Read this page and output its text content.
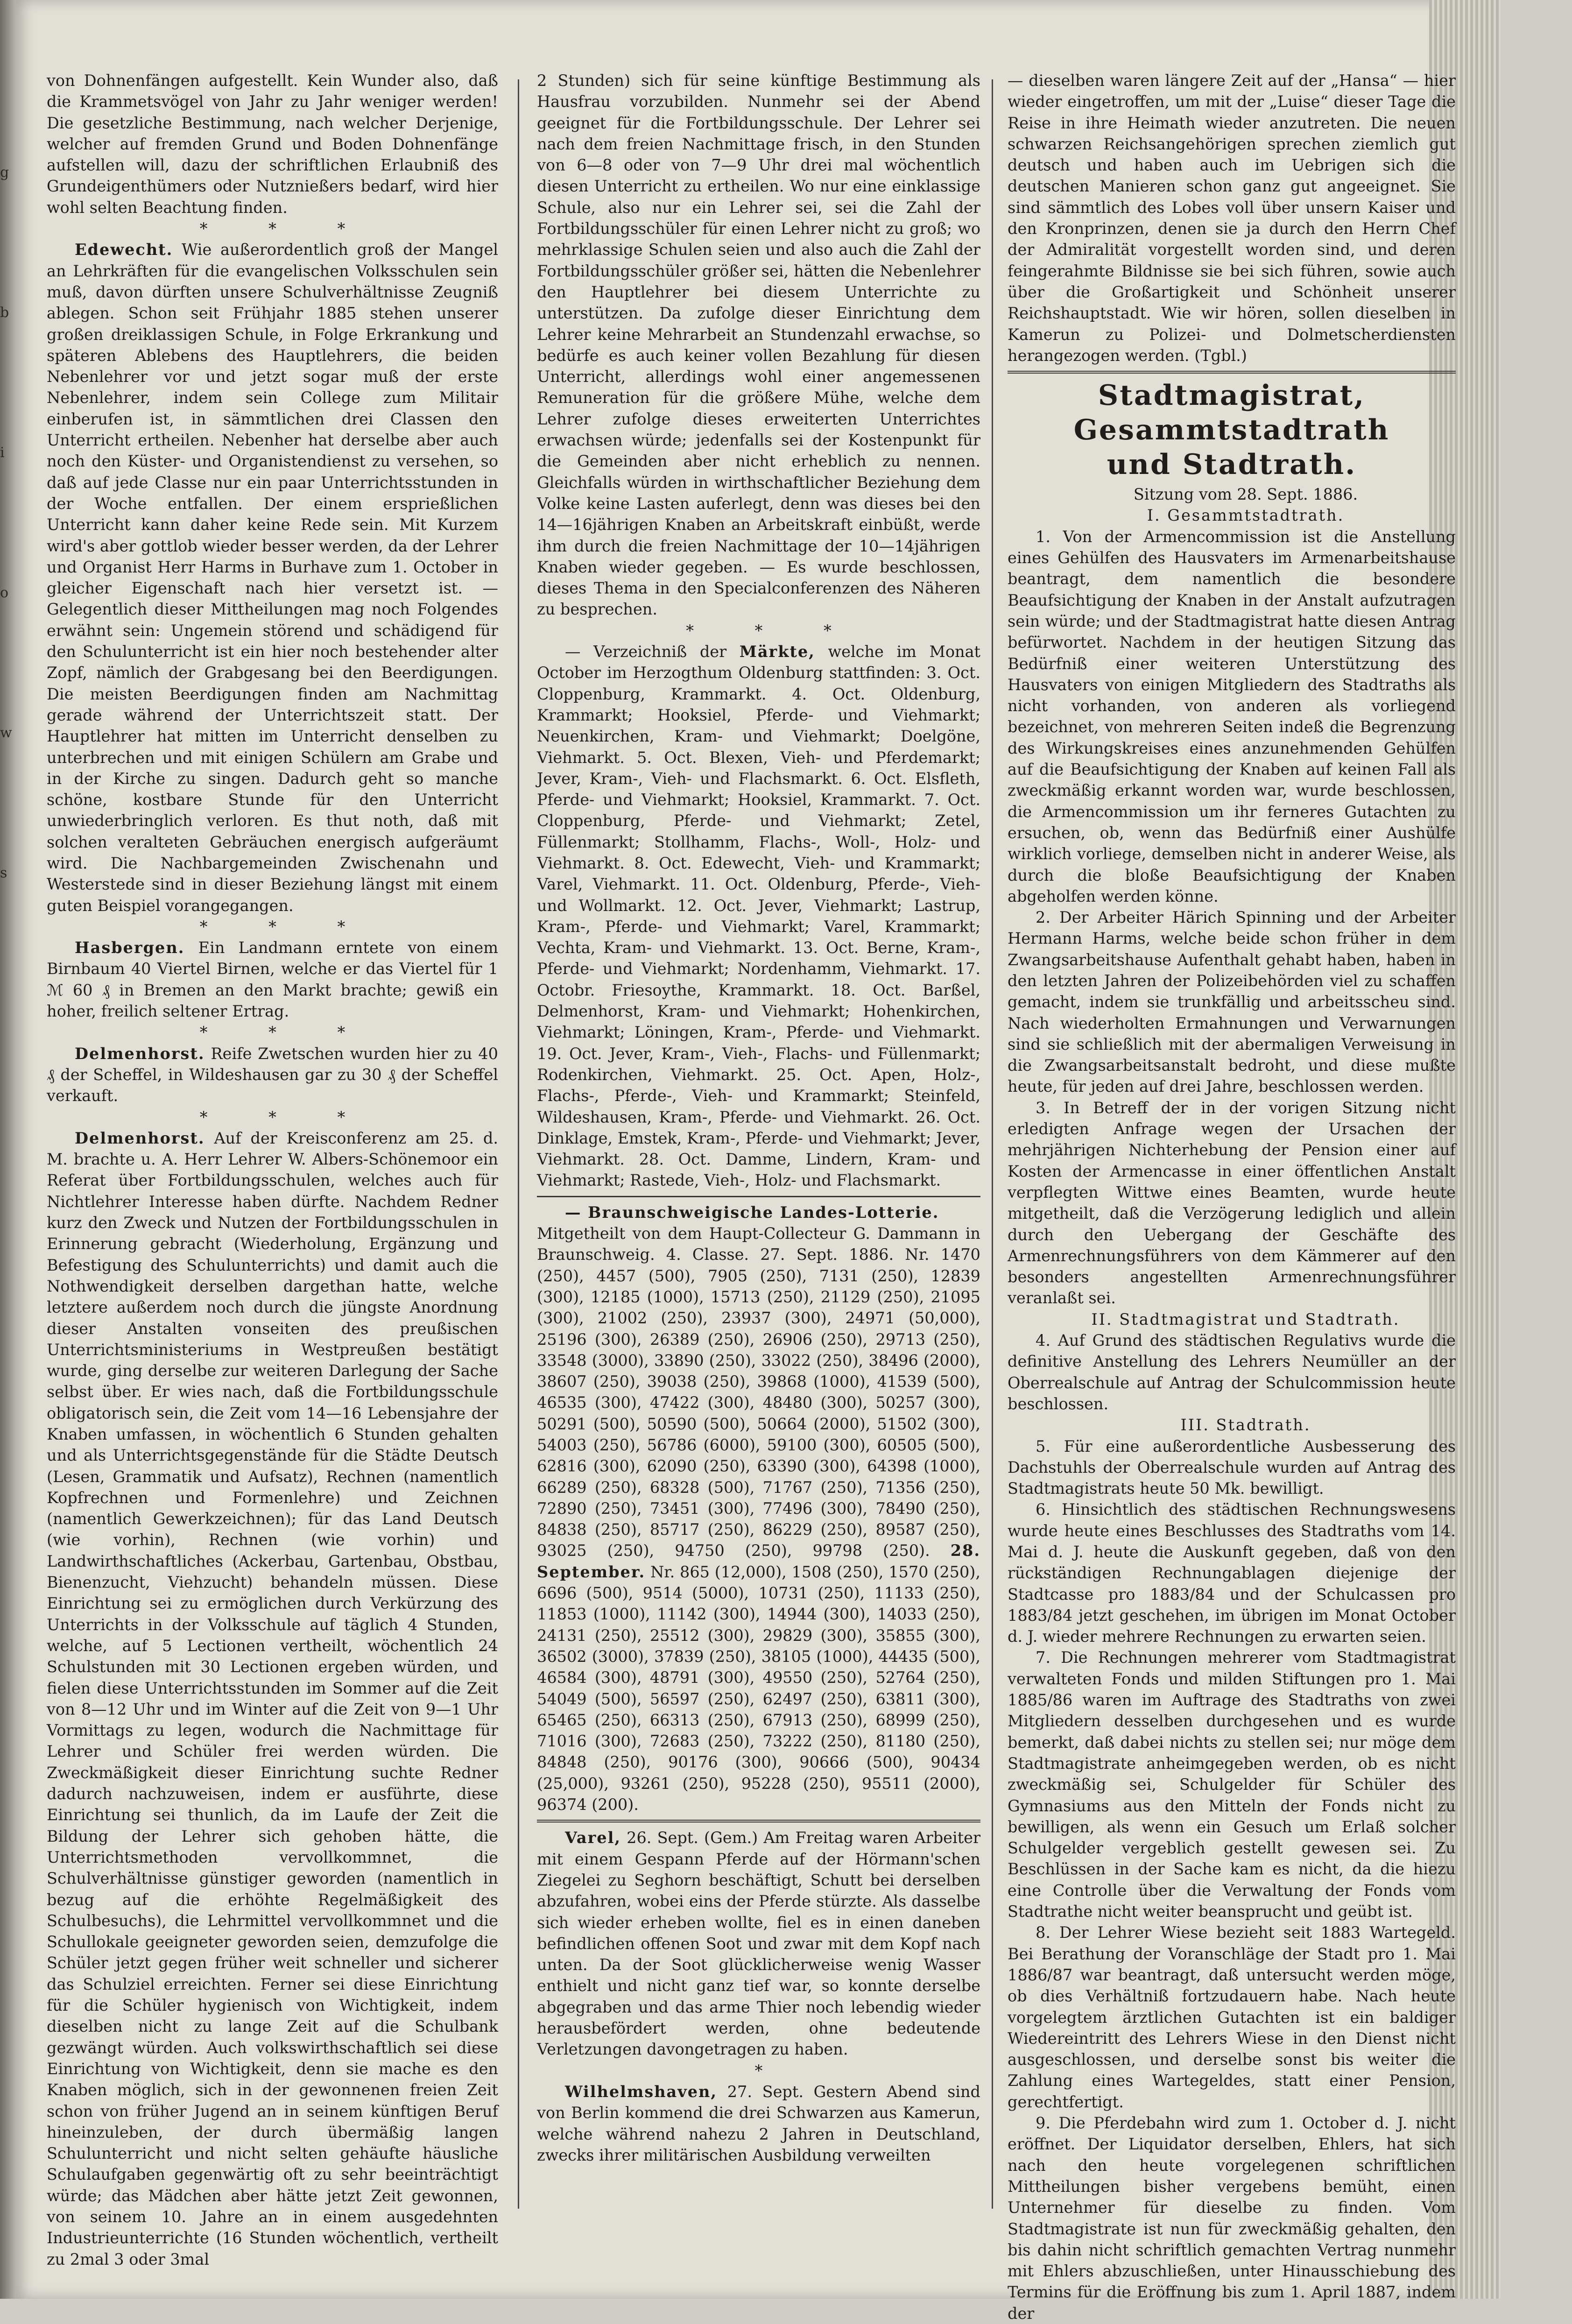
von Dohnenfängen aufgestellt. Kein Wunder also, daß die Krammetsvögel von Jahr zu Jahr weniger werden! Die gesetzliche Bestimmung, nach welcher Derjenige, welcher auf fremden Grund und Boden Dohnenfänge aufstellen will, dazu der schriftlichen Erlaubniß des Grundeigenthümers oder Nutznießers bedarf, wird hier wohl selten Beachtung finden.

* * *

Edewecht. Wie außerordentlich groß der Mangel an Lehrkräften für die evangelischen Volksschulen sein muß, davon dürften unsere Schulverhältnisse Zeugniß ablegen. Schon seit Frühjahr 1885 stehen unserer großen dreiklassigen Schule, in Folge Erkrankung und späteren Ablebens des Hauptlehrers, die beiden Nebenlehrer vor und jetzt sogar muß der erste Nebenlehrer, indem sein College zum Militair einberufen ist, in sämmtlichen drei Classen den Unterricht ertheilen. Nebenher hat derselbe aber auch noch den Küster- und Organistendienst zu versehen, so daß auf jede Classe nur ein paar Unterrichtsstunden in der Woche entfallen. Der einem ersprießlichen Unterricht kann daher keine Rede sein. Mit Kurzem wird's aber gottlob wieder besser werden, da der Lehrer und Organist Herr Harms in Burhave zum 1. October in gleicher Eigenschaft nach hier versetzt ist. — Gelegentlich dieser Mittheilungen mag noch Folgendes erwähnt sein: Ungemein störend und schädigend für den Schulunterricht ist ein hier noch bestehender alter Zopf, nämlich der Grabgesang bei den Beerdigungen. Die meisten Beerdigungen finden am Nachmittag gerade während der Unterrichtszeit statt. Der Hauptlehrer hat mitten im Unterricht denselben zu unterbrechen und mit einigen Schülern am Grabe und in der Kirche zu singen. Dadurch geht so manche schöne, kostbare Stunde für den Unterricht unwiederbringlich verloren. Es thut noth, daß mit solchen veralteten Gebräuchen energisch aufgeräumt wird. Die Nachbargemeinden Zwischenahn und Westerstede sind in dieser Beziehung längst mit einem guten Beispiel vorangegangen.

* * *

Hasbergen. Ein Landmann erntete von einem Birnbaum 40 Viertel Birnen, welche er das Viertel für 1 ℳ 60 ₰ in Bremen an den Markt brachte; gewiß ein hoher, freilich seltener Ertrag.

* * *

Delmenhorst. Reife Zwetschen wurden hier zu 40 ₰ der Scheffel, in Wildeshausen gar zu 30 ₰ der Scheffel verkauft.

* * *

Delmenhorst. Auf der Kreisconferenz am 25. d. M. brachte u. A. Herr Lehrer W. Albers-Schönemoor ein Referat über Fortbildungsschulen, welches auch für Nichtlehrer Interesse haben dürfte. Nachdem Redner kurz den Zweck und Nutzen der Fortbildungsschulen in Erinnerung gebracht (Wiederholung, Ergänzung und Befestigung des Schulunterrichts) und damit auch die Nothwendigkeit derselben dargethan hatte, welche letztere außerdem noch durch die jüngste Anordnung dieser Anstalten vonseiten des preußischen Unterrichtsministeriums in Westpreußen bestätigt wurde, ging derselbe zur weiteren Darlegung der Sache selbst über. Er wies nach, daß die Fortbildungsschule obligatorisch sein, die Zeit vom 14—16 Lebensjahre der Knaben umfassen, in wöchentlich 6 Stunden gehalten und als Unterrichtsgegenstände für die Städte Deutsch (Lesen, Grammatik und Aufsatz), Rechnen (namentlich Kopfrechnen und Formenlehre) und Zeichnen (namentlich Gewerkzeichnen); für das Land Deutsch (wie vorhin), Rechnen (wie vorhin) und Landwirthschaftliches (Ackerbau, Gartenbau, Obstbau, Bienenzucht, Viehzucht) behandeln müssen. Diese Einrichtung sei zu ermöglichen durch Verkürzung des Unterrichts in der Volksschule auf täglich 4 Stunden, welche, auf 5 Lectionen vertheilt, wöchentlich 24 Schulstunden mit 30 Lectionen ergeben würden, und fielen diese Unterrichtsstunden im Sommer auf die Zeit von 8—12 Uhr und im Winter auf die Zeit von 9—1 Uhr Vormittags zu legen, wodurch die Nachmittage für Lehrer und Schüler frei werden würden. Die Zweckmäßigkeit dieser Einrichtung suchte Redner dadurch nachzuweisen, indem er ausführte, diese Einrichtung sei thunlich, da im Laufe der Zeit die Bildung der Lehrer sich gehoben hätte, die Unterrichtsmethoden vervollkommnet, die Schulverhältnisse günstiger geworden (namentlich in bezug auf die erhöhte Regelmäßigkeit des Schulbesuchs), die Lehrmittel vervollkommnet und die Schullokale geeigneter geworden seien, demzufolge die Schüler jetzt gegen früher weit schneller und sicherer das Schulziel erreichten. Ferner sei diese Einrichtung für die Schüler hygienisch von Wichtigkeit, indem dieselben nicht zu lange Zeit auf die Schulbank gezwängt würden. Auch volkswirthschaftlich sei diese Einrichtung von Wichtigkeit, denn sie mache es den Knaben möglich, sich in der gewonnenen freien Zeit schon von früher Jugend an in seinem künftigen Beruf hineinzuleben, der durch übermäßig langen Schulunterricht und nicht selten gehäufte häusliche Schulaufgaben gegenwärtig oft zu sehr beeinträchtigt würde; das Mädchen aber hätte jetzt Zeit gewonnen, von seinem 10. Jahre an in einem ausgedehnten Industrieunterrichte (16 Stunden wöchentlich, vertheilt zu 2mal 3 oder 3mal

2 Stunden) sich für seine künftige Bestimmung als Hausfrau vorzubilden. Nunmehr sei der Abend geeignet für die Fortbildungsschule. Der Lehrer sei nach dem freien Nachmittage frisch, in den Stunden von 6—8 oder von 7—9 Uhr drei mal wöchentlich diesen Unterricht zu ertheilen. Wo nur eine einklassige Schule, also nur ein Lehrer sei, sei die Zahl der Fortbildungsschüler für einen Lehrer nicht zu groß; wo mehrklassige Schulen seien und also auch die Zahl der Fortbildungsschüler größer sei, hätten die Nebenlehrer den Hauptlehrer bei diesem Unterrichte zu unterstützen. Da zufolge dieser Einrichtung dem Lehrer keine Mehrarbeit an Stundenzahl erwachse, so bedürfe es auch keiner vollen Bezahlung für diesen Unterricht, allerdings wohl einer angemessenen Remuneration für die größere Mühe, welche dem Lehrer zufolge dieses erweiterten Unterrichtes erwachsen würde; jedenfalls sei der Kostenpunkt für die Gemeinden aber nicht erheblich zu nennen. Gleichfalls würden in wirthschaftlicher Beziehung dem Volke keine Lasten auferlegt, denn was dieses bei den 14—16jährigen Knaben an Arbeitskraft einbüßt, werde ihm durch die freien Nachmittage der 10—14jährigen Knaben wieder gegeben. — Es wurde beschlossen, dieses Thema in den Specialconferenzen des Näheren zu besprechen.

* * *

— Verzeichniß der Märkte, welche im Monat October im Herzogthum Oldenburg stattfinden: 3. Oct. Cloppenburg, Krammarkt. 4. Oct. Oldenburg, Krammarkt; Hooksiel, Pferde- und Viehmarkt; Neuenkirchen, Kram- und Viehmarkt; Doelgöne, Viehmarkt. 5. Oct. Blexen, Vieh- und Pferdemarkt; Jever, Kram-, Vieh- und Flachsmarkt. 6. Oct. Elsfleth, Pferde- und Viehmarkt; Hooksiel, Krammarkt. 7. Oct. Cloppenburg, Pferde- und Viehmarkt; Zetel, Füllenmarkt; Stollhamm, Flachs-, Woll-, Holz- und Viehmarkt. 8. Oct. Edewecht, Vieh- und Krammarkt; Varel, Viehmarkt. 11. Oct. Oldenburg, Pferde-, Vieh- und Wollmarkt. 12. Oct. Jever, Viehmarkt; Lastrup, Kram-, Pferde- und Viehmarkt; Varel, Krammarkt; Vechta, Kram- und Viehmarkt. 13. Oct. Berne, Kram-, Pferde- und Viehmarkt; Nordenhamm, Viehmarkt. 17. Octobr. Friesoythe, Krammarkt. 18. Oct. Barßel, Delmenhorst, Kram- und Viehmarkt; Hohenkirchen, Viehmarkt; Löningen, Kram-, Pferde- und Viehmarkt. 19. Oct. Jever, Kram-, Vieh-, Flachs- und Füllenmarkt; Rodenkirchen, Viehmarkt. 25. Oct. Apen, Holz-, Flachs-, Pferde-, Vieh- und Krammarkt; Steinfeld, Wildeshausen, Kram-, Pferde- und Viehmarkt. 26. Oct. Dinklage, Emstek, Kram-, Pferde- und Viehmarkt; Jever, Viehmarkt. 28. Oct. Damme, Lindern, Kram- und Viehmarkt; Rastede, Vieh-, Holz- und Flachsmarkt.

— Braunschweigische Landes-Lotterie.

Mitgetheilt von dem Haupt-Collecteur G. Dammann in Braunschweig. 4. Classe. 27. Sept. 1886. Nr. 1470 (250), 4457 (500), 7905 (250), 7131 (250), 12839 (300), 12185 (1000), 15713 (250), 21129 (250), 21095 (300), 21002 (250), 23937 (300), 24971 (50,000), 25196 (300), 26389 (250), 26906 (250), 29713 (250), 33548 (3000), 33890 (250), 33022 (250), 38496 (2000), 38607 (250), 39038 (250), 39868 (1000), 41539 (500), 46535 (300), 47422 (300), 48480 (300), 50257 (300), 50291 (500), 50590 (500), 50664 (2000), 51502 (300), 54003 (250), 56786 (6000), 59100 (300), 60505 (500), 62816 (300), 62090 (250), 63390 (300), 64398 (1000), 66289 (250), 68328 (500), 71767 (250), 71356 (250), 72890 (250), 73451 (300), 77496 (300), 78490 (250), 84838 (250), 85717 (250), 86229 (250), 89587 (250), 93025 (250), 94750 (250), 99798 (250). 28. September. Nr. 865 (12,000), 1508 (250), 1570 (250), 6696 (500), 9514 (5000), 10731 (250), 11133 (250), 11853 (1000), 11142 (300), 14944 (300), 14033 (250), 24131 (250), 25512 (300), 29829 (300), 35855 (300), 36502 (3000), 37839 (250), 38105 (1000), 44435 (500), 46584 (300), 48791 (300), 49550 (250), 52764 (250), 54049 (500), 56597 (250), 62497 (250), 63811 (300), 65465 (250), 66313 (250), 67913 (250), 68999 (250), 71016 (300), 72683 (250), 73222 (250), 81180 (250), 84848 (250), 90176 (300), 90666 (500), 90434 (25,000), 93261 (250), 95228 (250), 95511 (2000), 96374 (200).

Varel, 26. Sept. (Gem.) Am Freitag waren Arbeiter mit einem Gespann Pferde auf der Hörmann'schen Ziegelei zu Seghorn beschäftigt, Schutt bei derselben abzufahren, wobei eins der Pferde stürzte. Als dasselbe sich wieder erheben wollte, fiel es in einen daneben befindlichen offenen Soot und zwar mit dem Kopf nach unten. Da der Soot glücklicherweise wenig Wasser enthielt und nicht ganz tief war, so konnte derselbe abgegraben und das arme Thier noch lebendig wieder herausbefördert werden, ohne bedeutende Verletzungen davongetragen zu haben.

*

Wilhelmshaven, 27. Sept. Gestern Abend sind von Berlin kommend die drei Schwarzen aus Kamerun, welche während nahezu 2 Jahren in Deutschland, zwecks ihrer militärischen Ausbildung verweilten

— dieselben waren längere Zeit auf der „Hansa“ — hier wieder eingetroffen, um mit der „Luise“ dieser Tage die Reise in ihre Heimath wieder anzutreten. Die neuen schwarzen Reichsangehörigen sprechen ziemlich gut deutsch und haben auch im Uebrigen sich die deutschen Manieren schon ganz gut angeeignet. Sie sind sämmtlich des Lobes voll über unsern Kaiser und den Kronprinzen, denen sie ja durch den Herrn Chef der Admiralität vorgestellt worden sind, und deren feingerahmte Bildnisse sie bei sich führen, sowie auch über die Großartigkeit und Schönheit unserer Reichshauptstadt. Wie wir hören, sollen dieselben in Kamerun zu Polizei- und Dolmetscherdiensten herangezogen werden. (Tgbl.)

Stadtmagistrat, Gesammtstadtrath
und Stadtrath.

Sitzung vom 28. Sept. 1886.

I. Gesammtstadtrath.

1. Von der Armencommission ist die Anstellung eines Gehülfen des Hausvaters im Armenarbeitshause beantragt, dem namentlich die besondere Beaufsichtigung der Knaben in der Anstalt aufzutragen sein würde; und der Stadtmagistrat hatte diesen Antrag befürwortet. Nachdem in der heutigen Sitzung das Bedürfniß einer weiteren Unterstützung des Hausvaters von einigen Mitgliedern des Stadtraths als nicht vorhanden, von anderen als vorliegend bezeichnet, von mehreren Seiten indeß die Begrenzung des Wirkungskreises eines anzunehmenden Gehülfen auf die Beaufsichtigung der Knaben auf keinen Fall als zweckmäßig erkannt worden war, wurde beschlossen, die Armencommission um ihr ferneres Gutachten zu ersuchen, ob, wenn das Bedürfniß einer Aushülfe wirklich vorliege, demselben nicht in anderer Weise, als durch die bloße Beaufsichtigung der Knaben abgeholfen werden könne.

2. Der Arbeiter Härich Spinning und der Arbeiter Hermann Harms, welche beide schon früher in dem Zwangsarbeitshause Aufenthalt gehabt haben, haben in den letzten Jahren der Polizeibehörden viel zu schaffen gemacht, indem sie trunkfällig und arbeitsscheu sind. Nach wiederholten Ermahnungen und Verwarnungen sind sie schließlich mit der abermaligen Verweisung in die Zwangsarbeitsanstalt bedroht, und diese mußte heute, für jeden auf drei Jahre, beschlossen werden.

3. In Betreff der in der vorigen Sitzung nicht erledigten Anfrage wegen der Ursachen der mehrjährigen Nichterhebung der Pension einer auf Kosten der Armencasse in einer öffentlichen Anstalt verpflegten Wittwe eines Beamten, wurde heute mitgetheilt, daß die Verzögerung lediglich und allein durch den Uebergang der Geschäfte des Armenrechnungsführers von dem Kämmerer auf den besonders angestellten Armenrechnungsführer veranlaßt sei.

II. Stadtmagistrat und Stadtrath.

4. Auf Grund des städtischen Regulativs wurde die definitive Anstellung des Lehrers Neumüller an der Oberrealschule auf Antrag der Schulcommission heute beschlossen.

III. Stadtrath.

5. Für eine außerordentliche Ausbesserung des Dachstuhls der Oberrealschule wurden auf Antrag des Stadtmagistrats heute 50 Mk. bewilligt.

6. Hinsichtlich des städtischen Rechnungswesens wurde heute eines Beschlusses des Stadtraths vom 14. Mai d. J. heute die Auskunft gegeben, daß von den rückständigen Rechnungablagen diejenige der Stadtcasse pro 1883/84 und der Schulcassen pro 1883/84 jetzt geschehen, im übrigen im Monat October d. J. wieder mehrere Rechnungen zu erwarten seien.

7. Die Rechnungen mehrerer vom Stadtmagistrat verwalteten Fonds und milden Stiftungen pro 1. Mai 1885/86 waren im Auftrage des Stadtraths von zwei Mitgliedern desselben durchgesehen und es wurde bemerkt, daß dabei nichts zu stellen sei; nur möge dem Stadtmagistrate anheimgegeben werden, ob es nicht zweckmäßig sei, Schulgelder für Schüler des Gymnasiums aus den Mitteln der Fonds nicht zu bewilligen, als wenn ein Gesuch um Erlaß solcher Schulgelder vergeblich gestellt gewesen sei. Zu Beschlüssen in der Sache kam es nicht, da die hiezu eine Controlle über die Verwaltung der Fonds vom Stadtrathe nicht weiter beansprucht und geübt ist.

8. Der Lehrer Wiese bezieht seit 1883 Wartegeld. Bei Berathung der Voranschläge der Stadt pro 1. Mai 1886/87 war beantragt, daß untersucht werden möge, ob dies Verhältniß fortzudauern habe. Nach heute vorgelegtem ärztlichen Gutachten ist ein baldiger Wiedereintritt des Lehrers Wiese in den Dienst nicht ausgeschlossen, und derselbe sonst bis weiter die Zahlung eines Wartegeldes, statt einer Pension, gerechtfertigt.

9. Die Pferdebahn wird zum 1. October d. J. nicht eröffnet. Der Liquidator derselben, Ehlers, hat sich nach den heute vorgelegenen schriftlichen Mittheilungen bisher vergebens bemüht, einen Unternehmer für dieselbe zu finden. Vom Stadtmagistrate ist nun für zweckmäßig gehalten, den bis dahin nicht schriftlich gemachten Vertrag nunmehr mit Ehlers abzuschließen, unter Hinausschiebung des Termins für die Eröffnung bis zum 1. April 1887, indem der

g b i o w s
